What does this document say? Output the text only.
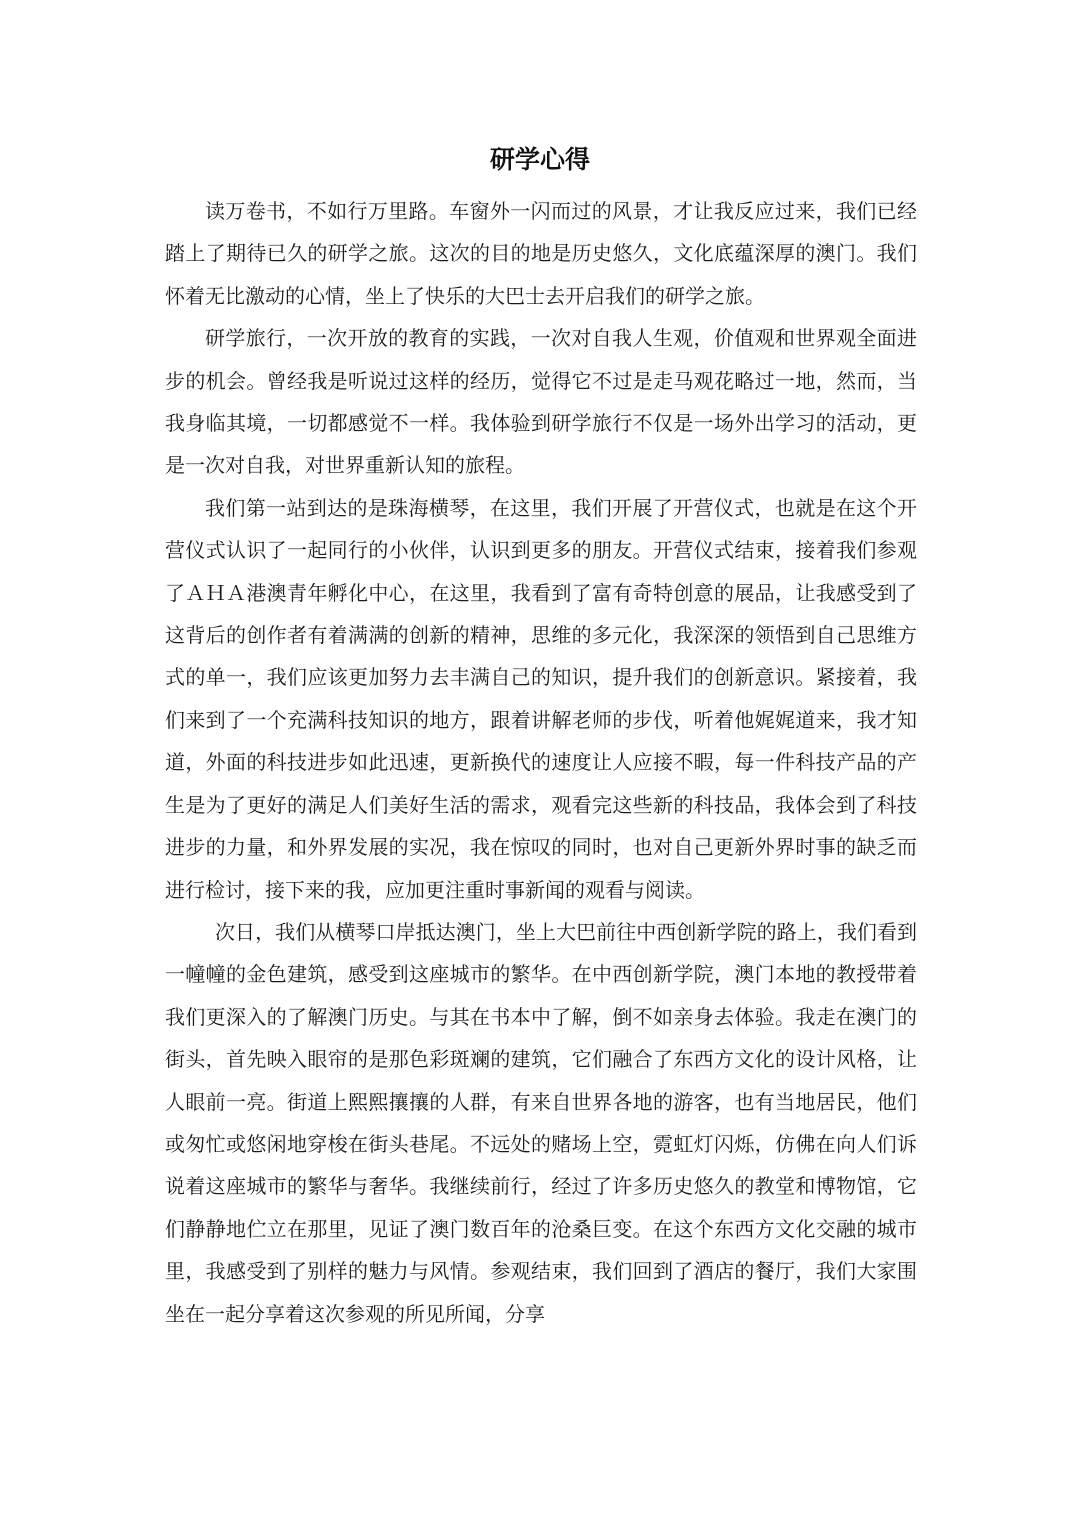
研学心得

读万卷书，不如行万里路。车窗外一闪而过的风景，才让我反应过来，我们已经踏上了期待已久的研学之旅。这次的目的地是历史悠久，文化底蕴深厚的澳门。我们怀着无比激动的心情，坐上了快乐的大巴士去开启我们的研学之旅。

研学旅行，一次开放的教育的实践，一次对自我人生观，价值观和世界观全面进步的机会。曾经我是听说过这样的经历，觉得它不过是走马观花略过一地，然而，当我身临其境，一切都感觉不一样。我体验到研学旅行不仅是一场外出学习的活动，更是一次对自我，对世界重新认知的旅程。

我们第一站到达的是珠海横琴，在这里，我们开展了开营仪式，也就是在这个开营仪式认识了一起同行的小伙伴，认识到更多的朋友。开营仪式结束，接着我们参观了ＡＨＡ港澳青年孵化中心，在这里，我看到了富有奇特创意的展品，让我感受到了这背后的创作者有着满满的创新的精神，思维的多元化，我深深的领悟到自己思维方式的单一，我们应该更加努力去丰满自己的知识，提升我们的创新意识。紧接着，我们来到了一个充满科技知识的地方，跟着讲解老师的步伐，听着他娓娓道来，我才知道，外面的科技进步如此迅速，更新换代的速度让人应接不暇，每一件科技产品的产生是为了更好的满足人们美好生活的需求，观看完这些新的科技品，我体会到了科技进步的力量，和外界发展的实况，我在惊叹的同时，也对自己更新外界时事的缺乏而进行检讨，接下来的我，应加更注重时事新闻的观看与阅读。

次日，我们从横琴口岸抵达澳门，坐上大巴前往中西创新学院的路上，我们看到一幢幢的金色建筑，感受到这座城市的繁华。在中西创新学院，澳门本地的教授带着我们更深入的了解澳门历史。与其在书本中了解，倒不如亲身去体验。我走在澳门的街头，首先映入眼帘的是那色彩斑斓的建筑，它们融合了东西方文化的设计风格，让人眼前一亮。街道上熙熙攘攘的人群，有来自世界各地的游客，也有当地居民，他们或匆忙或悠闲地穿梭在街头巷尾。不远处的赌场上空，霓虹灯闪烁，仿佛在向人们诉说着这座城市的繁华与奢华。我继续前行，经过了许多历史悠久的教堂和博物馆，它们静静地伫立在那里，见证了澳门数百年的沧桑巨变。在这个东西方文化交融的城市里，我感受到了别样的魅力与风情。参观结束，我们回到了酒店的餐厅，我们大家围坐在一起分享着这次参观的所见所闻，分享
